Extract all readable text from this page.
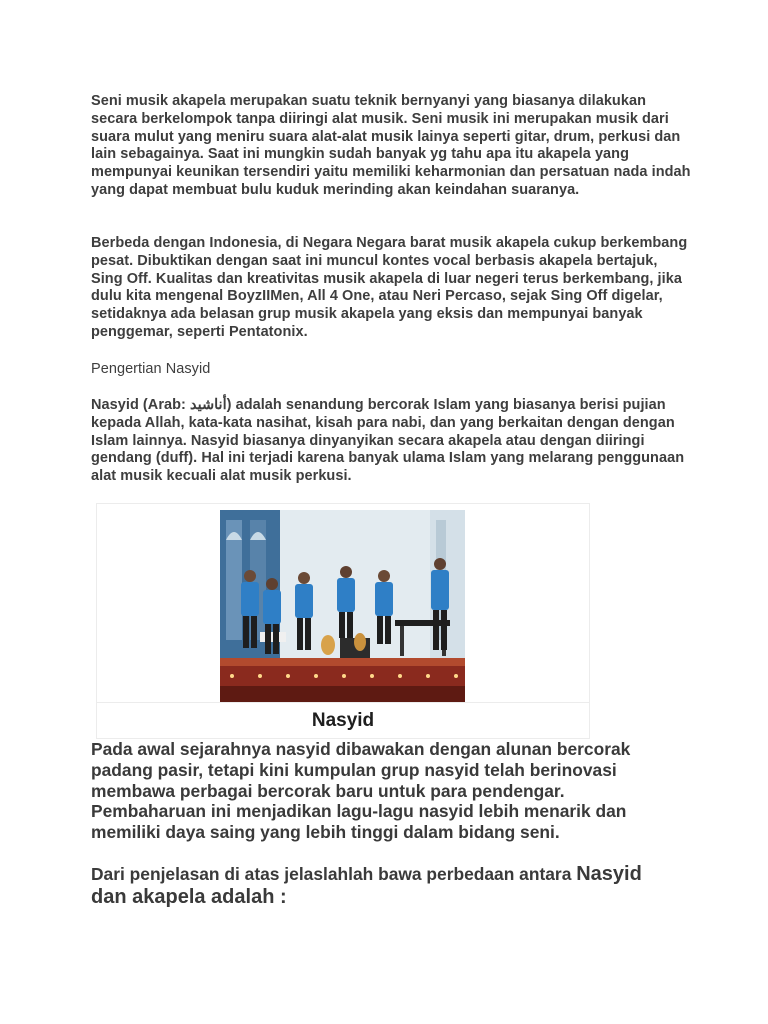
Seni musik akapela merupakan suatu teknik bernyanyi yang biasanya dilakukan secara berkelompok tanpa diiringi alat musik. Seni musik ini merupakan musik dari suara mulut yang meniru suara alat-alat musik lainya seperti gitar, drum, perkusi dan lain sebagainya. Saat ini mungkin sudah banyak yg tahu apa itu akapela yang mempunyai keunikan tersendiri yaitu memiliki keharmonian dan persatuan nada indah yang dapat membuat bulu kuduk merinding akan keindahan suaranya.

Berbeda dengan Indonesia, di Negara Negara barat musik akapela cukup berkembang pesat. Dibuktikan dengan saat ini muncul kontes vocal berbasis akapela bertajuk, Sing Off. Kualitas dan kreativitas musik akapela di luar negeri terus berkembang, jika dulu kita mengenal BoyzIIMen, All 4 One, atau Neri Percaso, sejak Sing Off digelar, setidaknya ada belasan grup musik akapela yang eksis dan mempunyai banyak penggemar, seperti Pentatonix.

Pengertian Nasyid

Nasyid (Arab: أناشيد) adalah senandung bercorak Islam yang biasanya berisi pujian kepada Allah, kata-kata nasihat, kisah para nabi, dan yang berkaitan dengan dengan Islam lainnya. Nasyid biasanya dinyanyikan secara akapela atau dengan diiringi gendang (duff). Hal ini terjadi karena banyak ulama Islam yang melarang penggunaan alat musik kecuali alat musik perkusi.

Nasyid

Pada awal sejarahnya nasyid dibawakan dengan alunan bercorak padang pasir, tetapi kini kumpulan grup nasyid telah berinovasi membawa perbagai bercorak baru untuk para pendengar. Pembaharuan ini menjadikan lagu-lagu nasyid lebih menarik dan memiliki daya saing yang lebih tinggi dalam bidang seni.

Dari penjelasan di atas jelaslahlah bawa perbedaan antara Nasyid
dan akapela adalah :
